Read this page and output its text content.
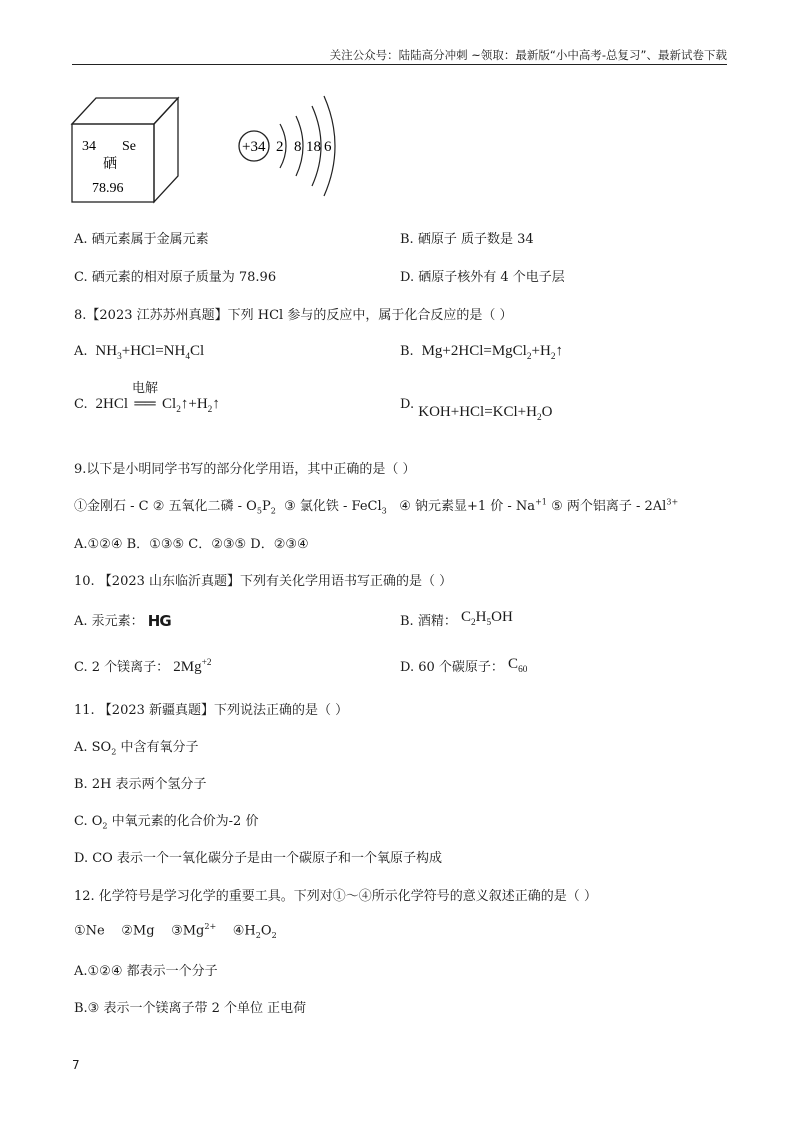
关注公众号：陆陆高分冲刺 ~领取：最新版“小中高考-总复习”、最新试卷下载
34 Se
硒
78.96
+34 2 8 18 6
A. 硒元素属于金属元素	B. 硒原子 质子数是 34
C. 硒元素的相对原子质量为 78.96	D. 硒原子核外有 4 个电子层
8.【2023 江苏苏州真题】下列 HCl 参与的反应中，属于化合反应的是（ ）
A.  $NH_3+HCl=NH_4Cl$	B.  $Mg+2HCl=MgCl_2+H_2↑$
C.  2HCl
电解
══ $Cl_2↑+H_2↑$	D. $KOH+HCl=KCl+H_2O$
9.以下是小明同学书写的部分化学用语，其中正确的是（ ）
①金刚石 - C ② 五氧化二磷 - $O_5P_2$  ③ 氯化铁 - FeCl$_3$   ④ 钠元素显+1 价 - $Na^{+1}$ ⑤ 两个铝离子 - $2Al^{3+}$
A.①②④ B．①③⑤ C．②③⑤ D．②③④
10. 【2023 山东临沂真题】下列有关化学用语书写正确的是（ ）
A. 汞元素： HG	B. 酒精： $C_2H_5OH$
C. 2 个镁离子： $2Mg^{+2}$	D. 60 个碳原子： $C_{60}$
11. 【2023 新疆真题】下列说法正确的是（ ）
A. $SO_2$ 中含有氧分子
B. 2H 表示两个氢分子
C. $O_2$ 中氧元素的化合价为-2 价
D. CO 表示一个一氧化碳分子是由一个碳原子和一个氧原子构成
12. 化学符号是学习化学的重要工具。下列对①～④所示化学符号的意义叙述正确的是（ ）
①Ne    ②Mg    $③Mg^{2+}$    $④H_2O_2$
A.①②④ 都表示一个分子
B.③ 表示一个镁离子带 2 个单位 正电荷
7
